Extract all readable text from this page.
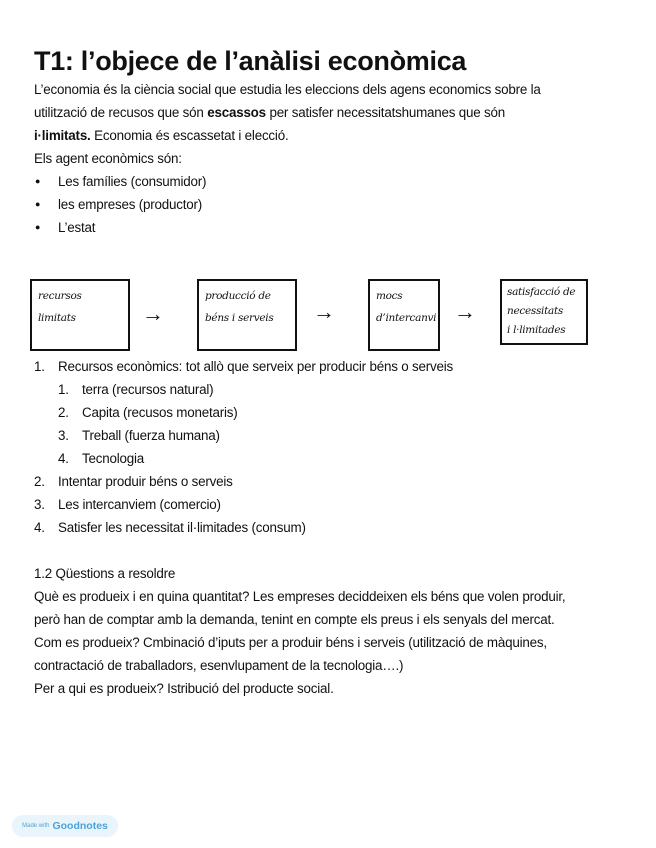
T1: l’objece de l’anàlisi econòmica

L’economia és la ciència social que estudia les eleccions dels agens economics sobre la

utilització de recusos que són escassos per satisfer necessitatshumanes que són

i·limitats. Economia és escassetat i elecció.

Els agent econòmics són:

● Les famílies (consumidor)
● les empreses (productor)
● L’estat
recursos
limitats	→
producció de
béns i serveis	→
mocs
d’intercanvi →
satisfacció de
necessitats
i l·limitades
1. Recursos econòmics: tot allò que serveix per producir béns o serveis
1. terra (recursos natural)
2. Capita (recusos monetaris)
3. Treball (fuerza humana)
4. Tecnologia
2. Intentar produir béns o serveis
3. Les intercanviem (comercio)
4. Satisfer les necessitat il·limitades (consum)

1.2 Qüestions a resoldre

Què es produeix i en quina quantitat? Les empreses deciddeixen els béns que volen produir,

però han de comptar amb la demanda, tenint en compte els preus i els senyals del mercat.

Com es produeix? Cmbinació d’iputs per a produir béns i serveis (utilització de màquines,

contractació de traballadors, esenvlupament de la tecnologia….)

Per a qui es produeix? Istribució del producte social.

Made with Goodnotes
